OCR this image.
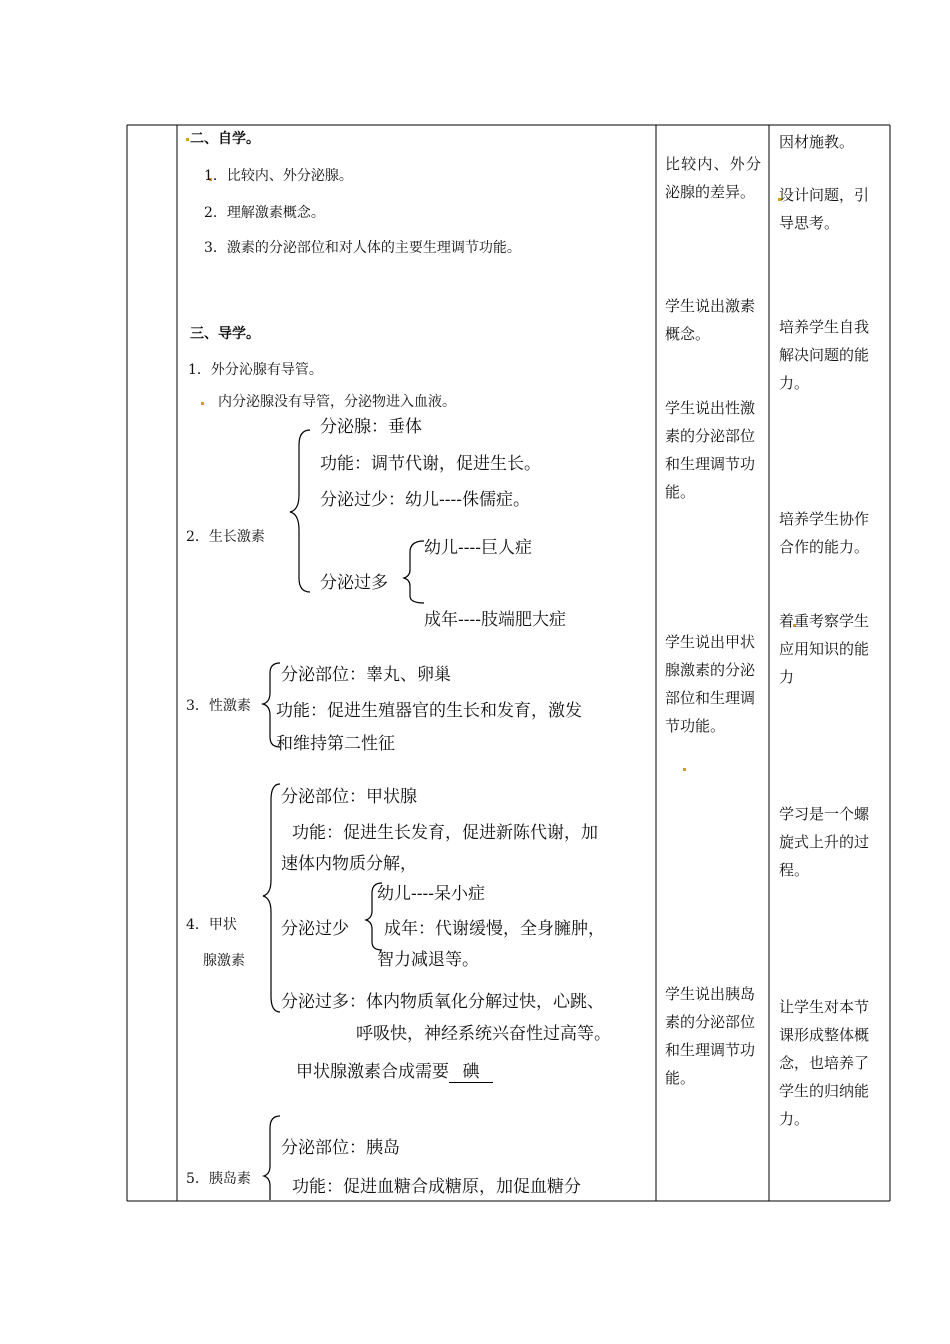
二、自学。
1．比较内、外分泌腺。
2．理解激素概念。
3．激素的分泌部位和对人体的主要生理调节功能。
三、导学。
1．外分沁腺有导管。
内分泌腺没有导管，分泌物进入血液。
分泌腺：垂体
功能：调节代谢，促进生长。
分泌过少：幼儿----侏儒症。
2．生长激素
幼儿----巨人症
分泌过多
成年----肢端肥大症
分泌部位：睾丸、卵巢
3．性激素 功能：促进生殖器官的生长和发育，激发
和维持第二性征
分泌部位：甲状腺
功能：促进生长发育，促进新陈代谢，加
速体内物质分解，
幼儿----呆小症
4．甲状	分泌过少 成年：代谢缓慢，全身臃肿，
智力减退等。
腺激素
分泌过多：体内物质氧化分解过快，心跳、
呼吸快，神经系统兴奋性过高等。
甲状腺激素合成需要 碘
分泌部位：胰岛
5．胰岛素 功能：促进血糖合成糖原，加促血糖分
比较内、外分泌腺的差异。
学生说出激素概念。
学生说出性激素的分泌部位和生理调节功能。
学生说出甲状腺激素的分泌部位和生理调节功能。
学生说出胰岛素的分泌部位和生理调节功能。
因材施教。
设计问题，引导思考。
培养学生自我解决问题的能力。
培养学生协作合作的能力。
着重考察学生应用知识的能力
学习是一个螺旋式上升的过程。
让学生对本节课形成整体概念，也培养了学生的归纳能力。
